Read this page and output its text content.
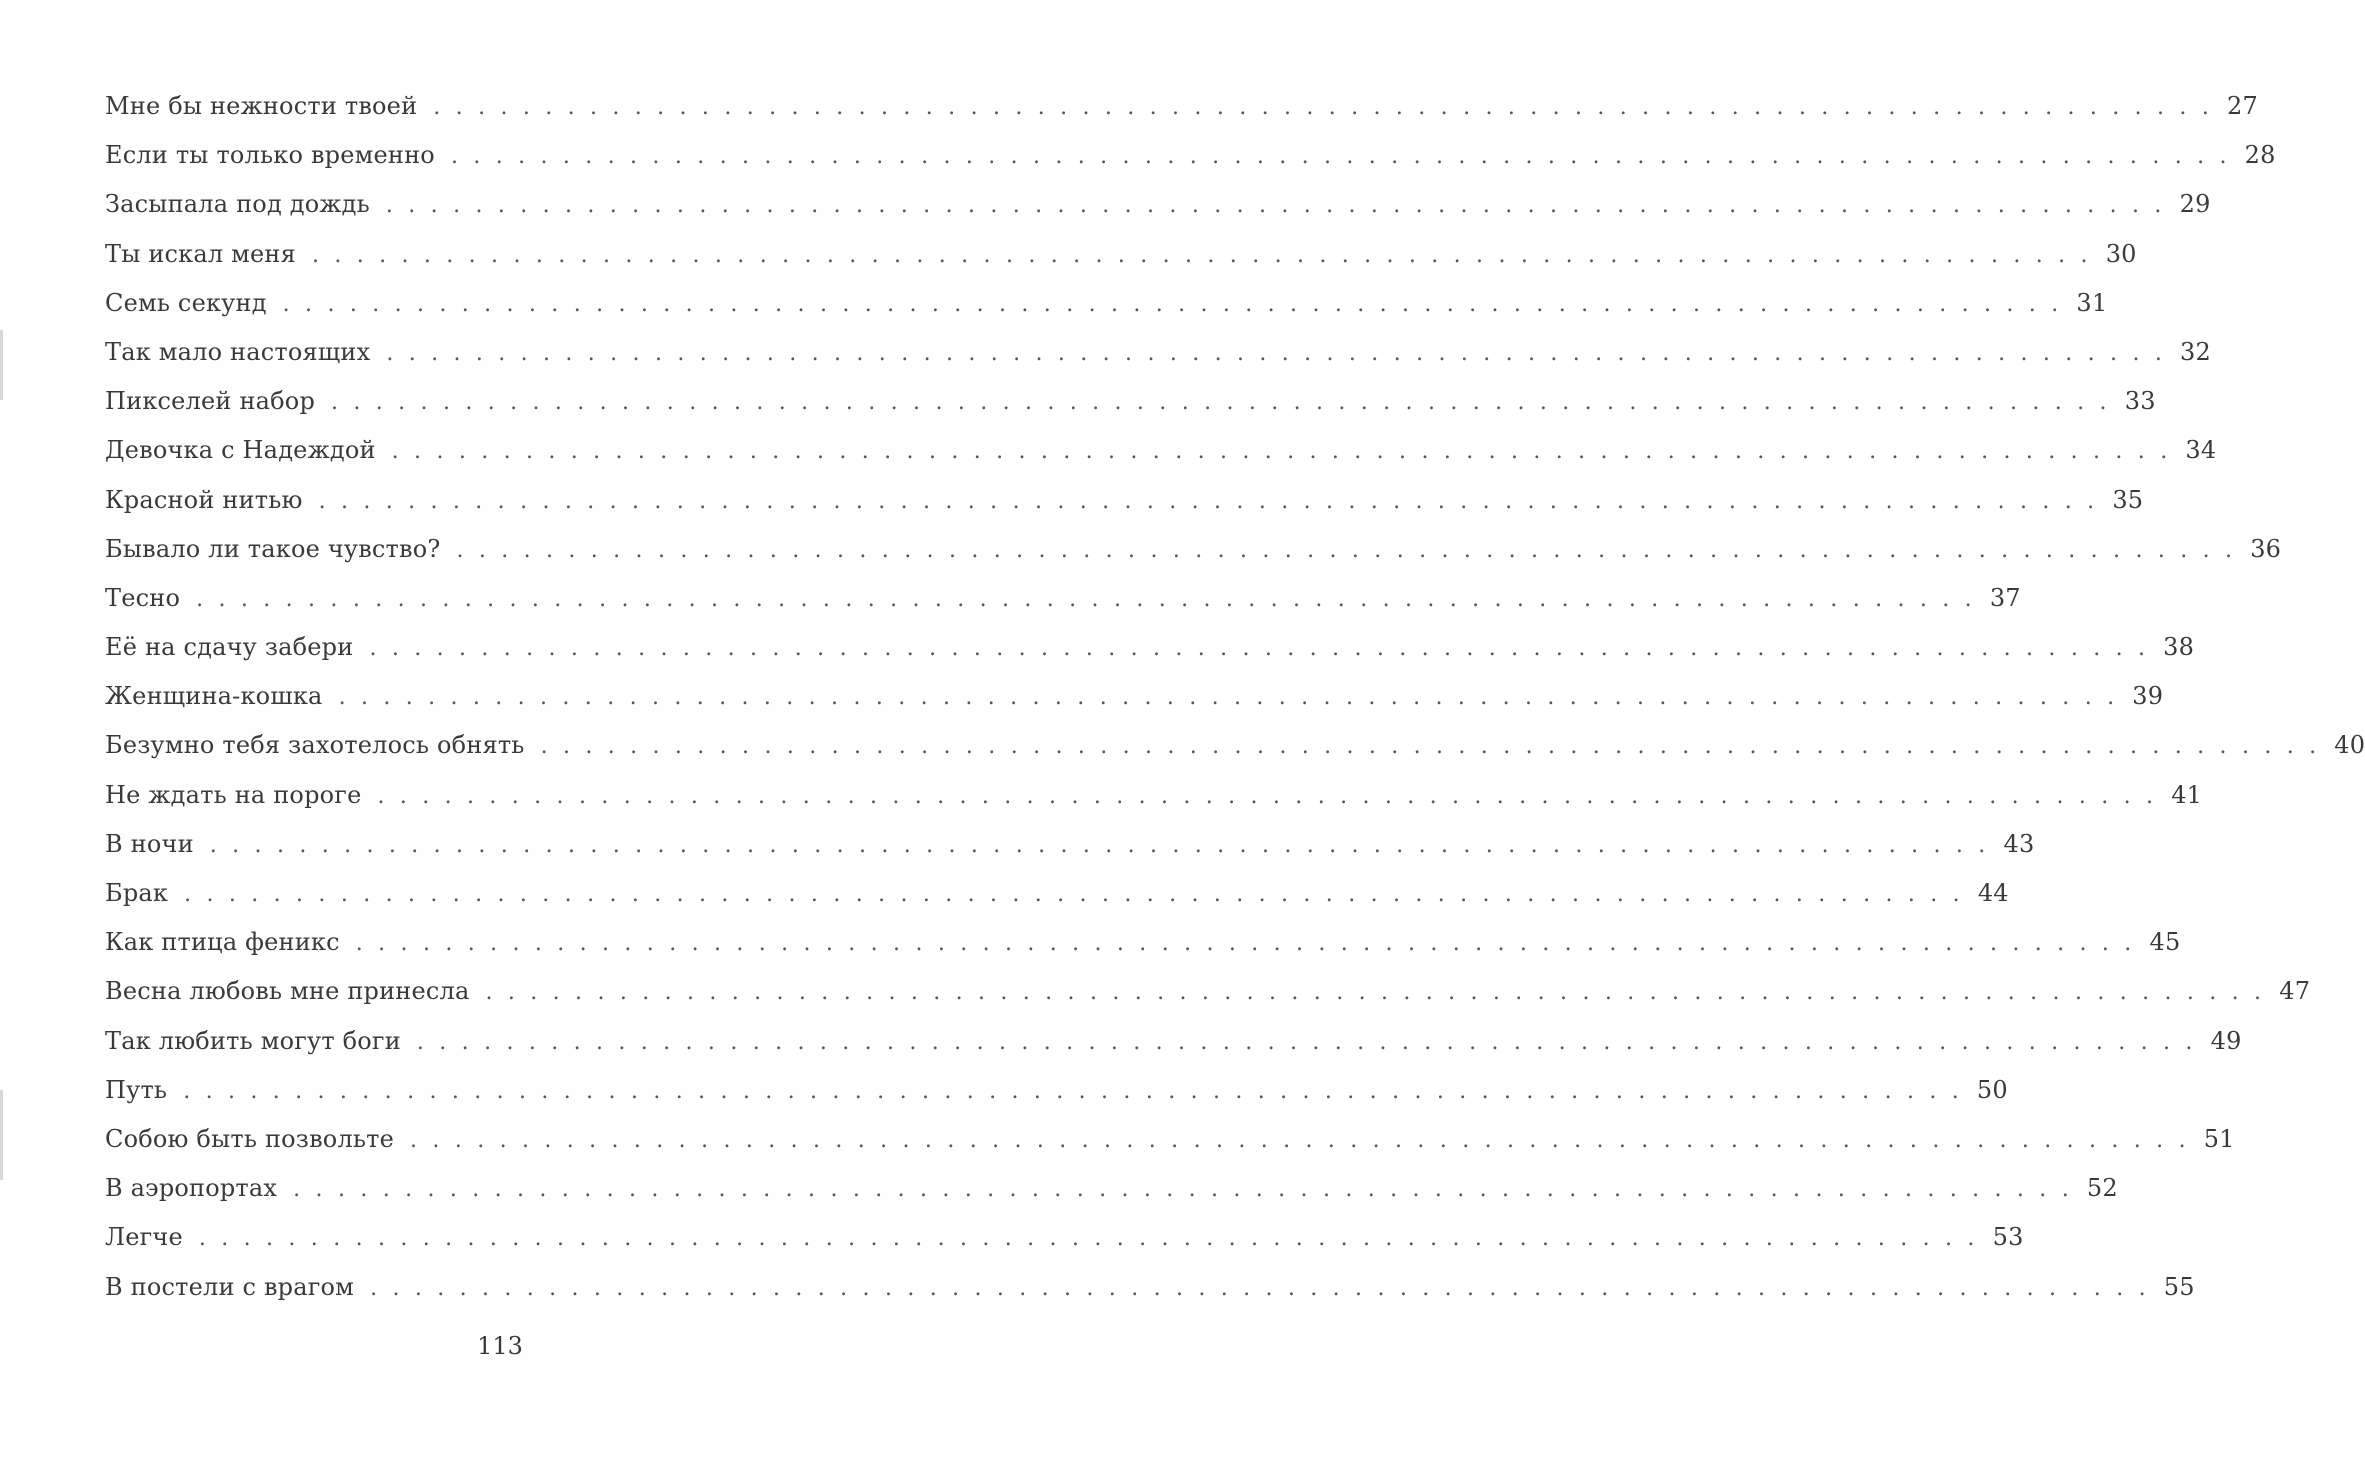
Мне бы нежности твоей . . . . . . . . . . . . . . . . . . . . . . . . . . . . . . . . . . . . . . . . . . . . . . . . . . . . . . . . . . . . . . . . . . . . . . . . . . . . . . . . 27
Если ты только временно . . . . . . . . . . . . . . . . . . . . . . . . . . . . . . . . . . . . . . . . . . . . . . . . . . . . . . . . . . . . . . . . . . . . . . . . . . . . . . . . 28
Засыпала под дождь . . . . . . . . . . . . . . . . . . . . . . . . . . . . . . . . . . . . . . . . . . . . . . . . . . . . . . . . . . . . . . . . . . . . . . . . . . . . . . . . 29
Ты искал меня . . . . . . . . . . . . . . . . . . . . . . . . . . . . . . . . . . . . . . . . . . . . . . . . . . . . . . . . . . . . . . . . . . . . . . . . . . . . . . . . 30
Семь секунд . . . . . . . . . . . . . . . . . . . . . . . . . . . . . . . . . . . . . . . . . . . . . . . . . . . . . . . . . . . . . . . . . . . . . . . . . . . . . . . . 31
Так мало настоящих . . . . . . . . . . . . . . . . . . . . . . . . . . . . . . . . . . . . . . . . . . . . . . . . . . . . . . . . . . . . . . . . . . . . . . . . . . . . . . . . 32
Пикселей набор . . . . . . . . . . . . . . . . . . . . . . . . . . . . . . . . . . . . . . . . . . . . . . . . . . . . . . . . . . . . . . . . . . . . . . . . . . . . . . . . 33
Девочка с Надеждой . . . . . . . . . . . . . . . . . . . . . . . . . . . . . . . . . . . . . . . . . . . . . . . . . . . . . . . . . . . . . . . . . . . . . . . . . . . . . . . . 34
Красной нитью . . . . . . . . . . . . . . . . . . . . . . . . . . . . . . . . . . . . . . . . . . . . . . . . . . . . . . . . . . . . . . . . . . . . . . . . . . . . . . . . 35
Бывало ли такое чувство? . . . . . . . . . . . . . . . . . . . . . . . . . . . . . . . . . . . . . . . . . . . . . . . . . . . . . . . . . . . . . . . . . . . . . . . . . . . . . . . . 36
Тесно . . . . . . . . . . . . . . . . . . . . . . . . . . . . . . . . . . . . . . . . . . . . . . . . . . . . . . . . . . . . . . . . . . . . . . . . . . . . . . . . 37
Её на сдачу забери . . . . . . . . . . . . . . . . . . . . . . . . . . . . . . . . . . . . . . . . . . . . . . . . . . . . . . . . . . . . . . . . . . . . . . . . . . . . . . . . 38
Женщина-кошка . . . . . . . . . . . . . . . . . . . . . . . . . . . . . . . . . . . . . . . . . . . . . . . . . . . . . . . . . . . . . . . . . . . . . . . . . . . . . . . . 39
Безумно тебя захотелось обнять . . . . . . . . . . . . . . . . . . . . . . . . . . . . . . . . . . . . . . . . . . . . . . . . . . . . . . . . . . . . . . . . . . . . . . . . . . . . . . . . 40
Не ждать на пороге . . . . . . . . . . . . . . . . . . . . . . . . . . . . . . . . . . . . . . . . . . . . . . . . . . . . . . . . . . . . . . . . . . . . . . . . . . . . . . . . 41
В ночи . . . . . . . . . . . . . . . . . . . . . . . . . . . . . . . . . . . . . . . . . . . . . . . . . . . . . . . . . . . . . . . . . . . . . . . . . . . . . . . . 43
Брак . . . . . . . . . . . . . . . . . . . . . . . . . . . . . . . . . . . . . . . . . . . . . . . . . . . . . . . . . . . . . . . . . . . . . . . . . . . . . . . . 44
Как птица феникс . . . . . . . . . . . . . . . . . . . . . . . . . . . . . . . . . . . . . . . . . . . . . . . . . . . . . . . . . . . . . . . . . . . . . . . . . . . . . . . . 45
Весна любовь мне принесла . . . . . . . . . . . . . . . . . . . . . . . . . . . . . . . . . . . . . . . . . . . . . . . . . . . . . . . . . . . . . . . . . . . . . . . . . . . . . . . . 47
Так любить могут боги . . . . . . . . . . . . . . . . . . . . . . . . . . . . . . . . . . . . . . . . . . . . . . . . . . . . . . . . . . . . . . . . . . . . . . . . . . . . . . . . 49
Путь . . . . . . . . . . . . . . . . . . . . . . . . . . . . . . . . . . . . . . . . . . . . . . . . . . . . . . . . . . . . . . . . . . . . . . . . . . . . . . . . 50
Собою быть позвольте . . . . . . . . . . . . . . . . . . . . . . . . . . . . . . . . . . . . . . . . . . . . . . . . . . . . . . . . . . . . . . . . . . . . . . . . . . . . . . . . 51
В аэропортах . . . . . . . . . . . . . . . . . . . . . . . . . . . . . . . . . . . . . . . . . . . . . . . . . . . . . . . . . . . . . . . . . . . . . . . . . . . . . . . . 52
Легче . . . . . . . . . . . . . . . . . . . . . . . . . . . . . . . . . . . . . . . . . . . . . . . . . . . . . . . . . . . . . . . . . . . . . . . . . . . . . . . . 53
В постели с врагом . . . . . . . . . . . . . . . . . . . . . . . . . . . . . . . . . . . . . . . . . . . . . . . . . . . . . . . . . . . . . . . . . . . . . . . . . . . . . . . . 55
113
